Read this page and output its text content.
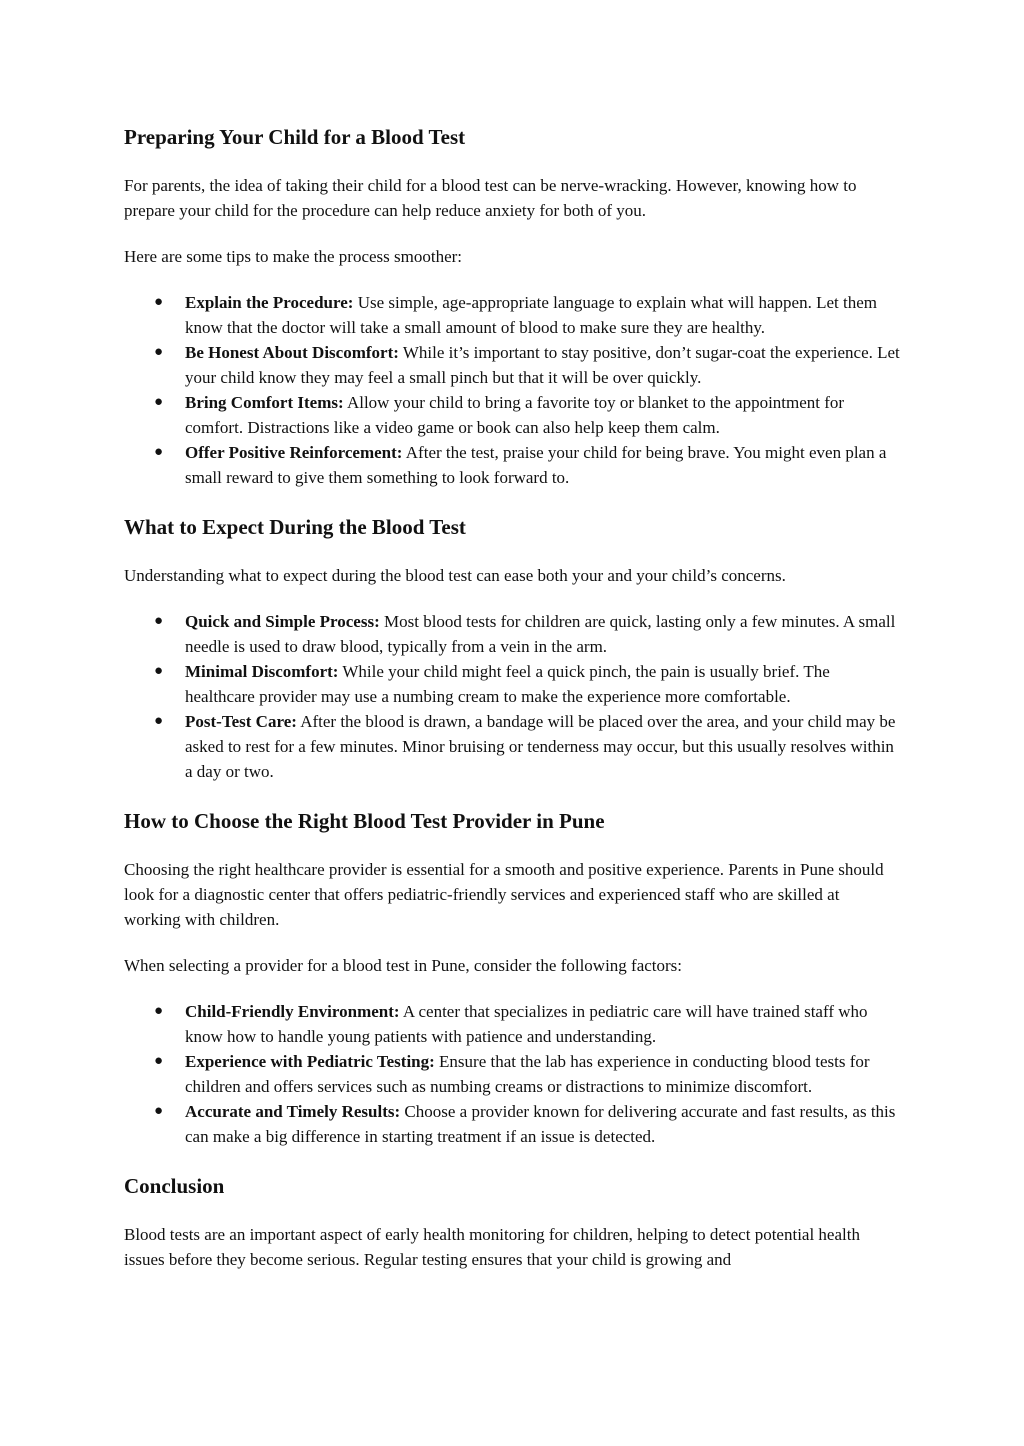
Preparing Your Child for a Blood Test

For parents, the idea of taking their child for a blood test can be nerve-wracking. However, knowing how to prepare your child for the procedure can help reduce anxiety for both of you.

Here are some tips to make the process smoother:

● Explain the Procedure: Use simple, age-appropriate language to explain what will happen. Let them know that the doctor will take a small amount of blood to make sure they are healthy.
● Be Honest About Discomfort: While it’s important to stay positive, don’t sugar-coat the experience. Let your child know they may feel a small pinch but that it will be over quickly.
● Bring Comfort Items: Allow your child to bring a favorite toy or blanket to the appointment for comfort. Distractions like a video game or book can also help keep them calm.
● Offer Positive Reinforcement: After the test, praise your child for being brave. You might even plan a small reward to give them something to look forward to.
What to Expect During the Blood Test

Understanding what to expect during the blood test can ease both your and your child’s concerns.

● Quick and Simple Process: Most blood tests for children are quick, lasting only a few minutes. A small needle is used to draw blood, typically from a vein in the arm.
● Minimal Discomfort: While your child might feel a quick pinch, the pain is usually brief. The healthcare provider may use a numbing cream to make the experience more comfortable.
● Post-Test Care: After the blood is drawn, a bandage will be placed over the area, and your child may be asked to rest for a few minutes. Minor bruising or tenderness may occur, but this usually resolves within a day or two.
How to Choose the Right Blood Test Provider in Pune

Choosing the right healthcare provider is essential for a smooth and positive experience. Parents in Pune should look for a diagnostic center that offers pediatric-friendly services and experienced staff who are skilled at working with children.

When selecting a provider for a blood test in Pune, consider the following factors:

● Child-Friendly Environment: A center that specializes in pediatric care will have trained staff who know how to handle young patients with patience and understanding.
● Experience with Pediatric Testing: Ensure that the lab has experience in conducting blood tests for children and offers services such as numbing creams or distractions to minimize discomfort.
● Accurate and Timely Results: Choose a provider known for delivering accurate and fast results, as this can make a big difference in starting treatment if an issue is detected.
Conclusion

Blood tests are an important aspect of early health monitoring for children, helping to detect potential health issues before they become serious. Regular testing ensures that your child is growing and
